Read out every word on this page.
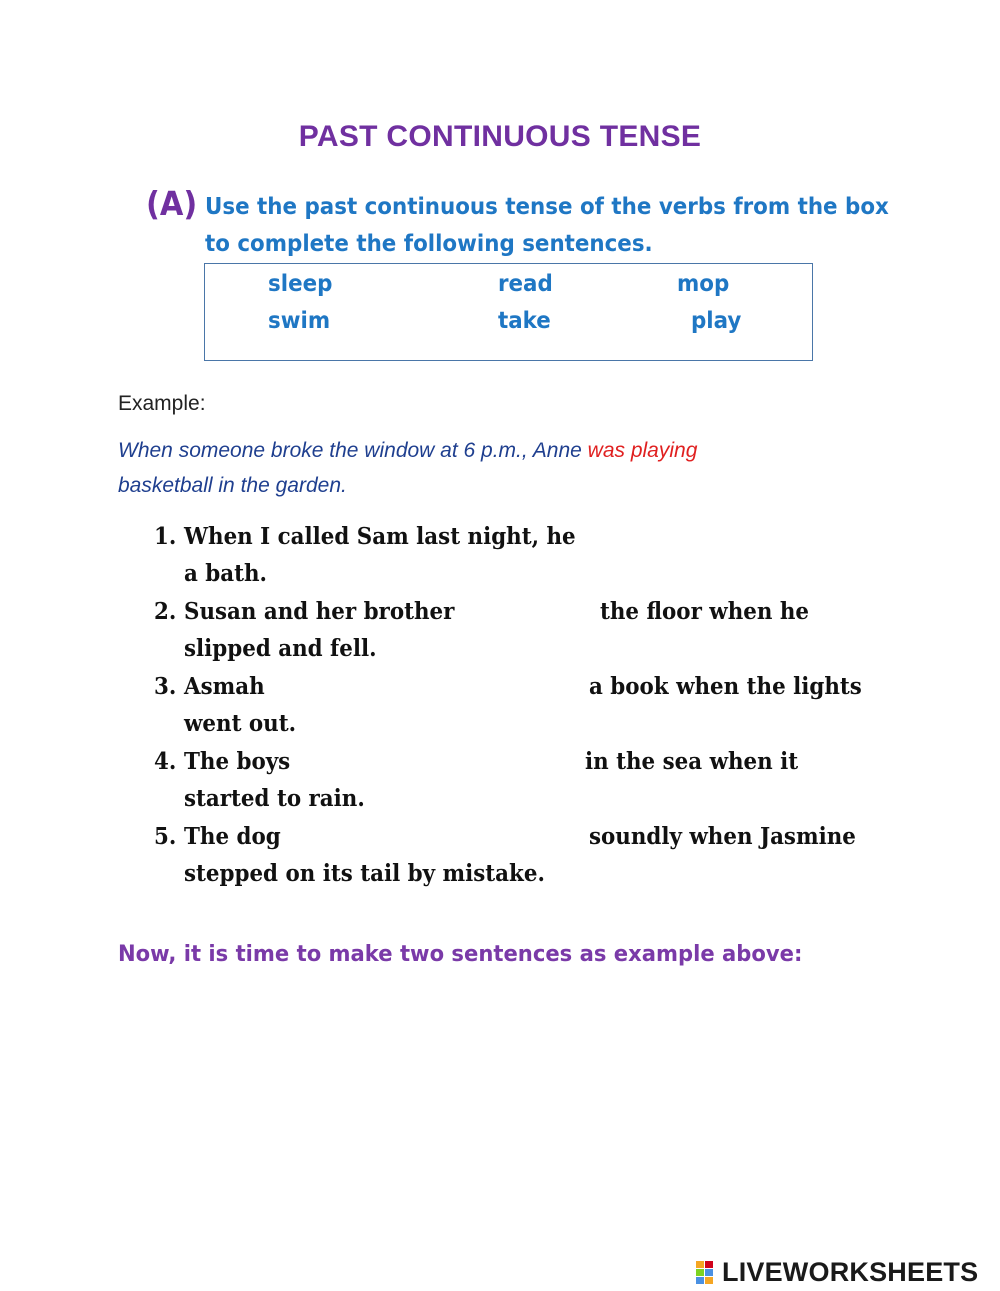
PAST CONTINUOUS TENSE
(A) Use the past continuous tense of the verbs from the box
to complete the following sentences.
sleep	read	mop
swim	take	play
Example:
When someone broke the window at 6 p.m., Anne was playing
basketball in the garden.
1. When I called Sam last night, he
a bath.
2. Susan and her brother	the floor when he
slipped and fell.
3. Asmah	a book when the lights
went out.
4. The boys	in the sea when it
started to rain.
5. The dog	soundly when Jasmine
stepped on its tail by mistake.
Now, it is time to make two sentences as example above:
LIVEWORKSHEETS
